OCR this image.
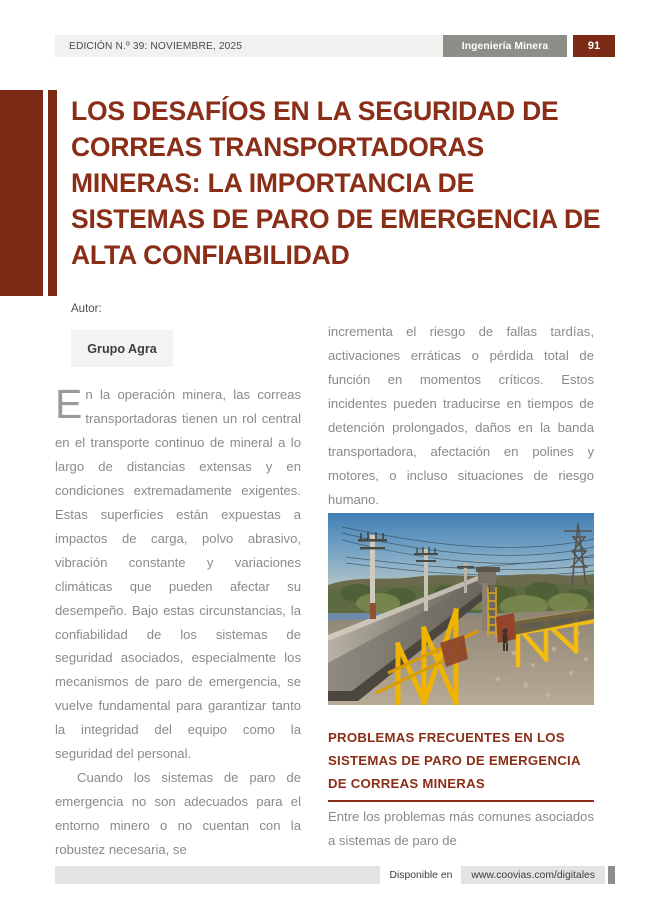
EDICIÓN N.º 39: NOVIEMBRE, 2025	Ingeniería Minera	91
LOS DESAFÍOS EN LA SEGURIDAD DE CORREAS TRANSPORTADORAS MINERAS: LA IMPORTANCIA DE SISTEMAS DE PARO DE EMERGENCIA DE ALTA CONFIABILIDAD
Autor:
Grupo Agra

En la operación minera, las correas transportadoras tienen un rol central en el transporte continuo de mineral a lo largo de distancias extensas y en condiciones extremadamente exigentes. Estas superficies están expuestas a impactos de carga, polvo abrasivo, vibración constante y variaciones climáticas que pueden afectar su desempeño. Bajo estas circunstancias, la confiabilidad de los sistemas de seguridad asociados, especialmente los mecanismos de paro de emergencia, se vuelve fundamental para garantizar tanto la integridad del equipo como la seguridad del personal.

Cuando los sistemas de paro de emergencia no son adecuados para el entorno minero o no cuentan con la robustez necesaria, se

incrementa el riesgo de fallas tardías, activaciones erráticas o pérdida total de función en momentos críticos. Estos incidentes pueden traducirse en tiempos de detención prolongados, daños en la banda transportadora, afectación en polines y motores, o incluso situaciones de riesgo humano.

PROBLEMAS FRECUENTES EN LOS SISTEMAS DE PARO DE EMERGENCIA DE CORREAS MINERAS

Entre los problemas más comunes asociados a sistemas de paro de

Disponible en	www.coovias.com/digitales
